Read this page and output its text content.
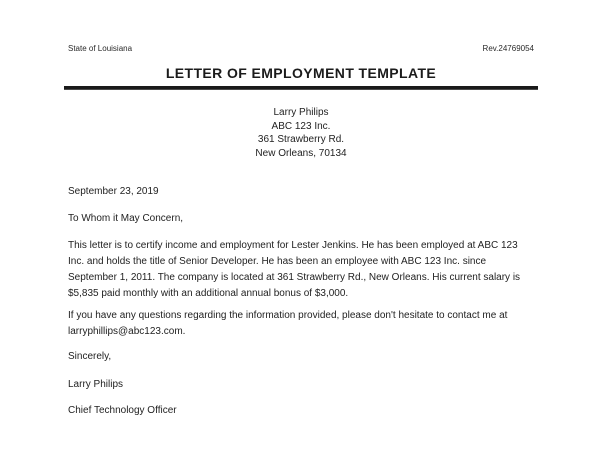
State of Louisiana	Rev.24769054
LETTER OF EMPLOYMENT TEMPLATE
Larry Philips
ABC 123 Inc.
361 Strawberry Rd.
New Orleans, 70134
September 23, 2019
To Whom it May Concern,

This letter is to certify income and employment for Lester Jenkins. He has been employed at ABC 123 Inc. and holds the title of Senior Developer. He has been an employee with ABC 123 Inc. since September 1, 2011. The company is located at 361 Strawberry Rd., New Orleans. His current salary is $5,835 paid monthly with an additional annual bonus of $3,000.

If you have any questions regarding the information provided, please don't hesitate to contact me at larryphillips@abc123.com.

Sincerely,
Larry Philips
Chief Technology Officer
